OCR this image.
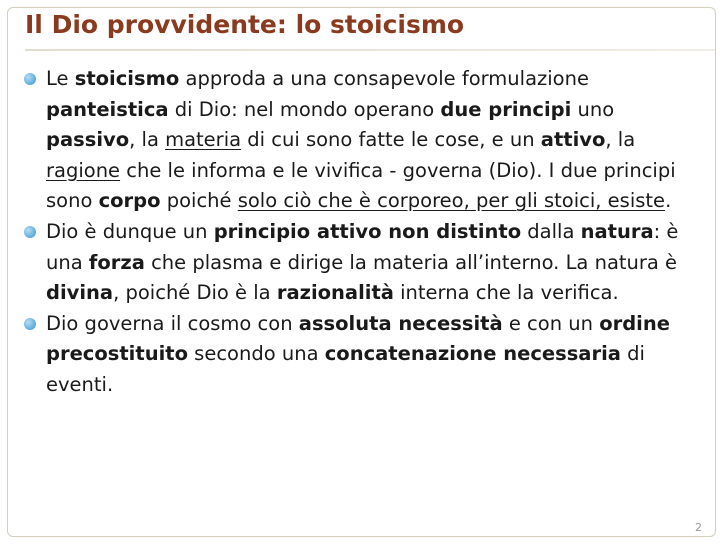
Il Dio provvidente: lo stoicismo
Le stoicismo approda a una consapevole formulazione panteistica di Dio: nel mondo operano due principi uno passivo, la materia di cui sono fatte le cose, e un attivo, la ragione che le informa e le vivifica - governa (Dio). I due principi sono corpo poiché solo ciò che è corporeo, per gli stoici, esiste.
Dio è dunque un principio attivo non distinto dalla natura: è una forza che plasma e dirige la materia all’interno. La natura è divina, poiché Dio è la razionalità interna che la verifica.
Dio governa il cosmo con assoluta necessità e con un ordine precostituito secondo una concatenazione necessaria di eventi.
2
